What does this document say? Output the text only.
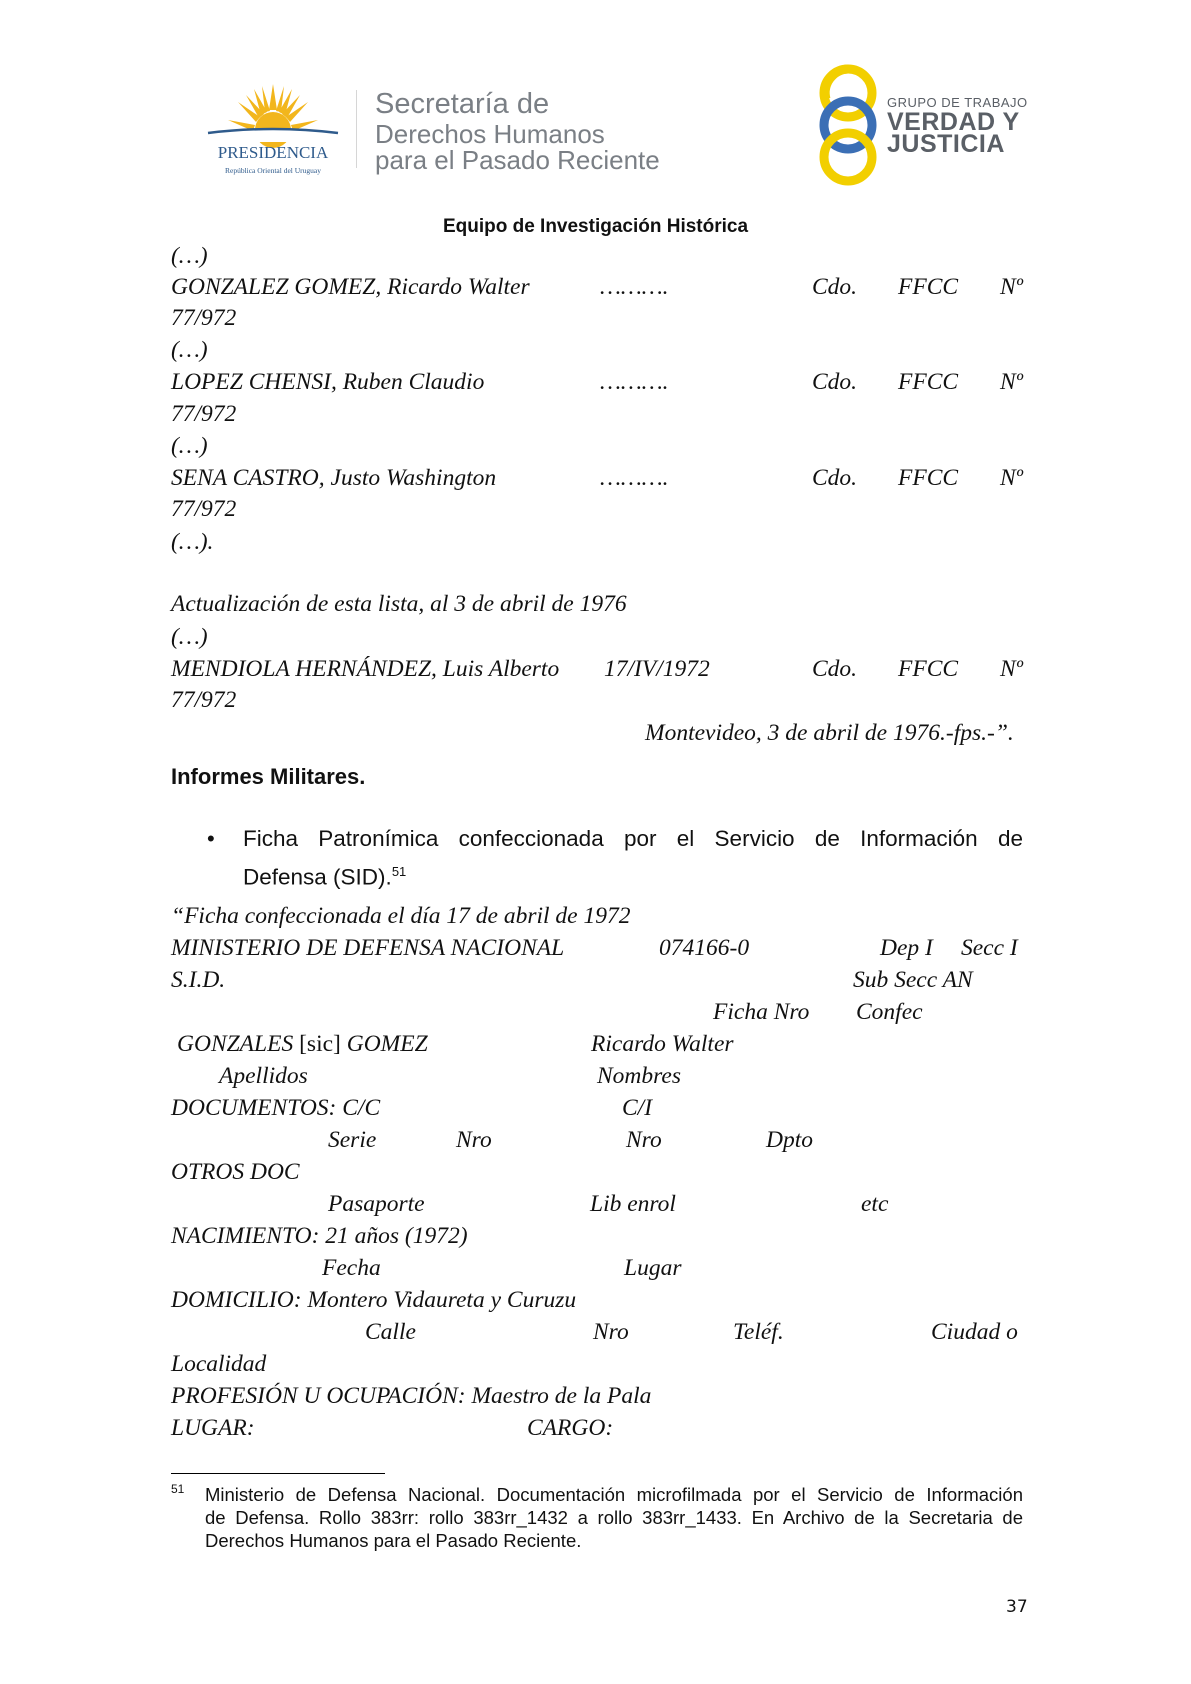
PRESIDENCIA
República Oriental del Uruguay
Secretaría de
Derechos Humanos
para el Pasado Reciente
GRUPO DE TRABAJO
VERDAD Y
JUSTICIA
Equipo de Investigación Histórica
(…)
GONZALEZ GOMEZ, Ricardo Walter	……….	Cdo. FFCC Nº
77/972
(…)
LOPEZ CHENSI, Ruben Claudio	……….	Cdo. FFCC Nº
77/972
(…)
SENA CASTRO, Justo Washington	……….	Cdo. FFCC Nº
77/972
(…).
Actualización de esta lista, al 3 de abril de 1976
(…)
MENDIOLA HERNÁNDEZ, Luis Alberto 17/IV/1972	Cdo. FFCC Nº
77/972
Montevideo, 3 de abril de 1976.-fps.-”.
Informes Militares.
• Ficha Patronímica confeccionada por el Servicio de Información de
Defensa (SID).$^{51}$
“Ficha confeccionada el día 17 de abril de 1972
MINISTERIO DE DEFENSA NACIONAL	074166-0	Dep I Secc I
S.I.D.	Sub Secc AN
Ficha Nro Confec
GONZALES [sic] GOMEZ	Ricardo Walter
Apellidos	Nombres
DOCUMENTOS: C/C	C/I
Serie	Nro	Nro	Dpto
OTROS DOC
Pasaporte	Lib enrol	etc
NACIMIENTO: 21 años (1972)
Fecha	Lugar
DOMICILIO: Montero Vidaureta y Curuzu
Calle	Nro	Teléf.	Ciudad o
Localidad
PROFESIÓN U OCUPACIÓN: Maestro de la Pala
LUGAR:	CARGO:
51 Ministerio de Defensa Nacional. Documentación microfilmada por el Servicio de Información
de Defensa. Rollo 383rr: rollo 383rr_1432 a rollo 383rr_1433. En Archivo de la Secretaria de
Derechos Humanos para el Pasado Reciente.
37
